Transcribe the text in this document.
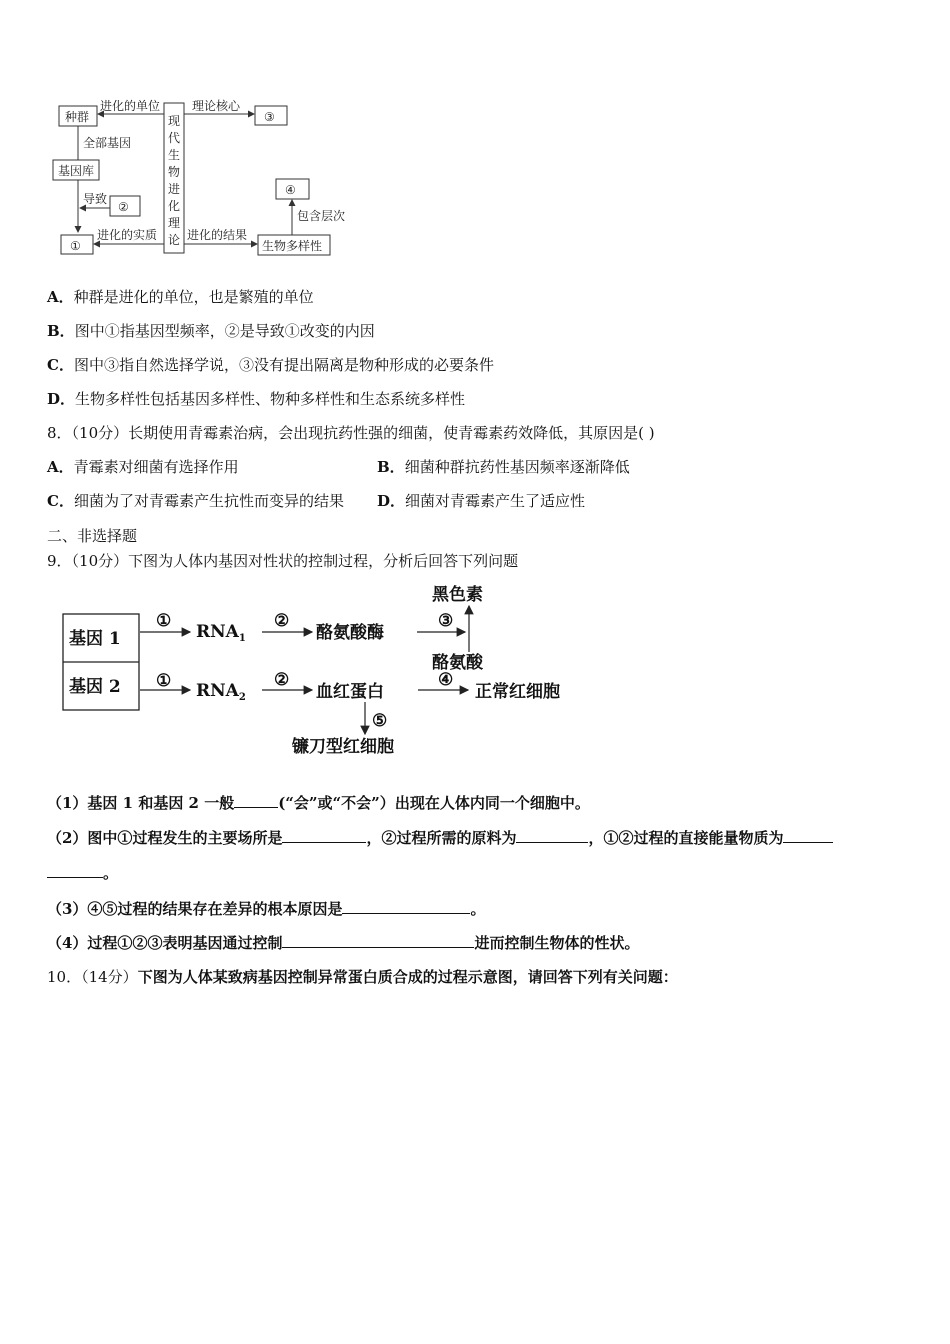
种群	现
代
生
物
进
化
理
论
进化的单位
③
理论核心
全部基因
基因库
②
导致
①
进化的实质
生物多样性
进化的结果
④
包含层次
A．种群是进化的单位，也是繁殖的单位
B．图中①指基因型频率，②是导致①改变的内因
C．图中③指自然选择学说，③没有提出隔离是物种形成的必要条件
D．生物多样性包括基因多样性、物种多样性和生态系统多样性
8．（10分）长期使用青霉素治病，会出现抗药性强的细菌，使青霉素药效降低，其原因是( )
A．青霉素对细菌有选择作用	B．细菌种群抗药性基因频率逐渐降低
C．细菌为了对青霉素产生抗性而变异的结果 D．细菌对青霉素产生了适应性
二、非选择题
9．（10分）下图为人体内基因对性状的控制过程，分析后回答下列问题
基因 1
基因 2
①
$RNA_1$
②
酪氨酸酶
③
黑色素
酪氨酸
① $RNA_2$
②
血红蛋白
④
正常红细胞
⑤
镰刀型红细胞
（1）基因 1 和基因 2 一般	(“会”或“不会”）出现在人体内同一个细胞中。
（2）图中①过程发生的主要场所是	，②过程所需的原料为	，①②过程的直接能量物质为
。
（3）④⑤过程的结果存在差异的根本原因是	。
（4）过程①②③表明基因通过控制	进而控制生物体的性状。
10．（14分）下图为人体某致病基因控制异常蛋白质合成的过程示意图，请回答下列有关问题：
